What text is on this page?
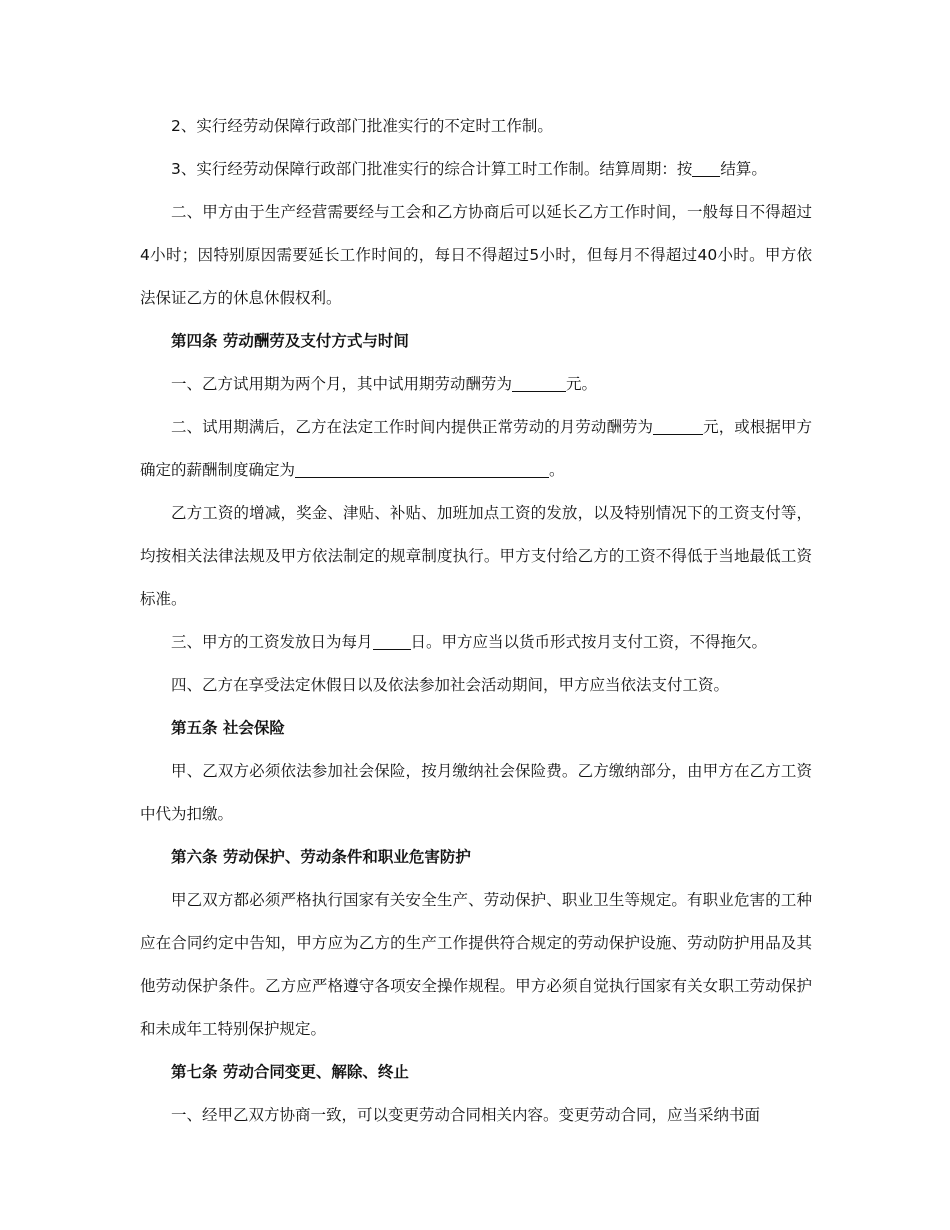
2、实行经劳动保障行政部门批准实行的不定时工作制。

3、实行经劳动保障行政部门批准实行的综合计算工时工作制。结算周期：按 结算。

二、甲方由于生产经营需要经与工会和乙方协商后可以延长乙方工作时间，一般每日不得超过4小时；因特别原因需要延长工作时间的，每日不得超过5小时，但每月不得超过40小时。甲方依法保证乙方的休息休假权利。

第四条 劳动酬劳及支付方式与时间

一、乙方试用期为两个月，其中试用期劳动酬劳为	元。

二、试用期满后，乙方在法定工作时间内提供正常劳动的月劳动酬劳为	元，或根据甲方确定的薪酬制度确定为	。

乙方工资的增减，奖金、津贴、补贴、加班加点工资的发放，以及特别情况下的工资支付等，均按相关法律法规及甲方依法制定的规章制度执行。甲方支付给乙方的工资不得低于当地最低工资标准。

三、甲方的工资发放日为每月 日。甲方应当以货币形式按月支付工资，不得拖欠。

四、乙方在享受法定休假日以及依法参加社会活动期间，甲方应当依法支付工资。

第五条 社会保险

甲、乙双方必须依法参加社会保险，按月缴纳社会保险费。乙方缴纳部分，由甲方在乙方工资中代为扣缴。

第六条 劳动保护、劳动条件和职业危害防护

甲乙双方都必须严格执行国家有关安全生产、劳动保护、职业卫生等规定。有职业危害的工种应在合同约定中告知，甲方应为乙方的生产工作提供符合规定的劳动保护设施、劳动防护用品及其他劳动保护条件。乙方应严格遵守各项安全操作规程。甲方必须自觉执行国家有关女职工劳动保护和未成年工特别保护规定。

第七条 劳动合同变更、解除、终止

一、经甲乙双方协商一致，可以变更劳动合同相关内容。变更劳动合同，应当采纳书面
